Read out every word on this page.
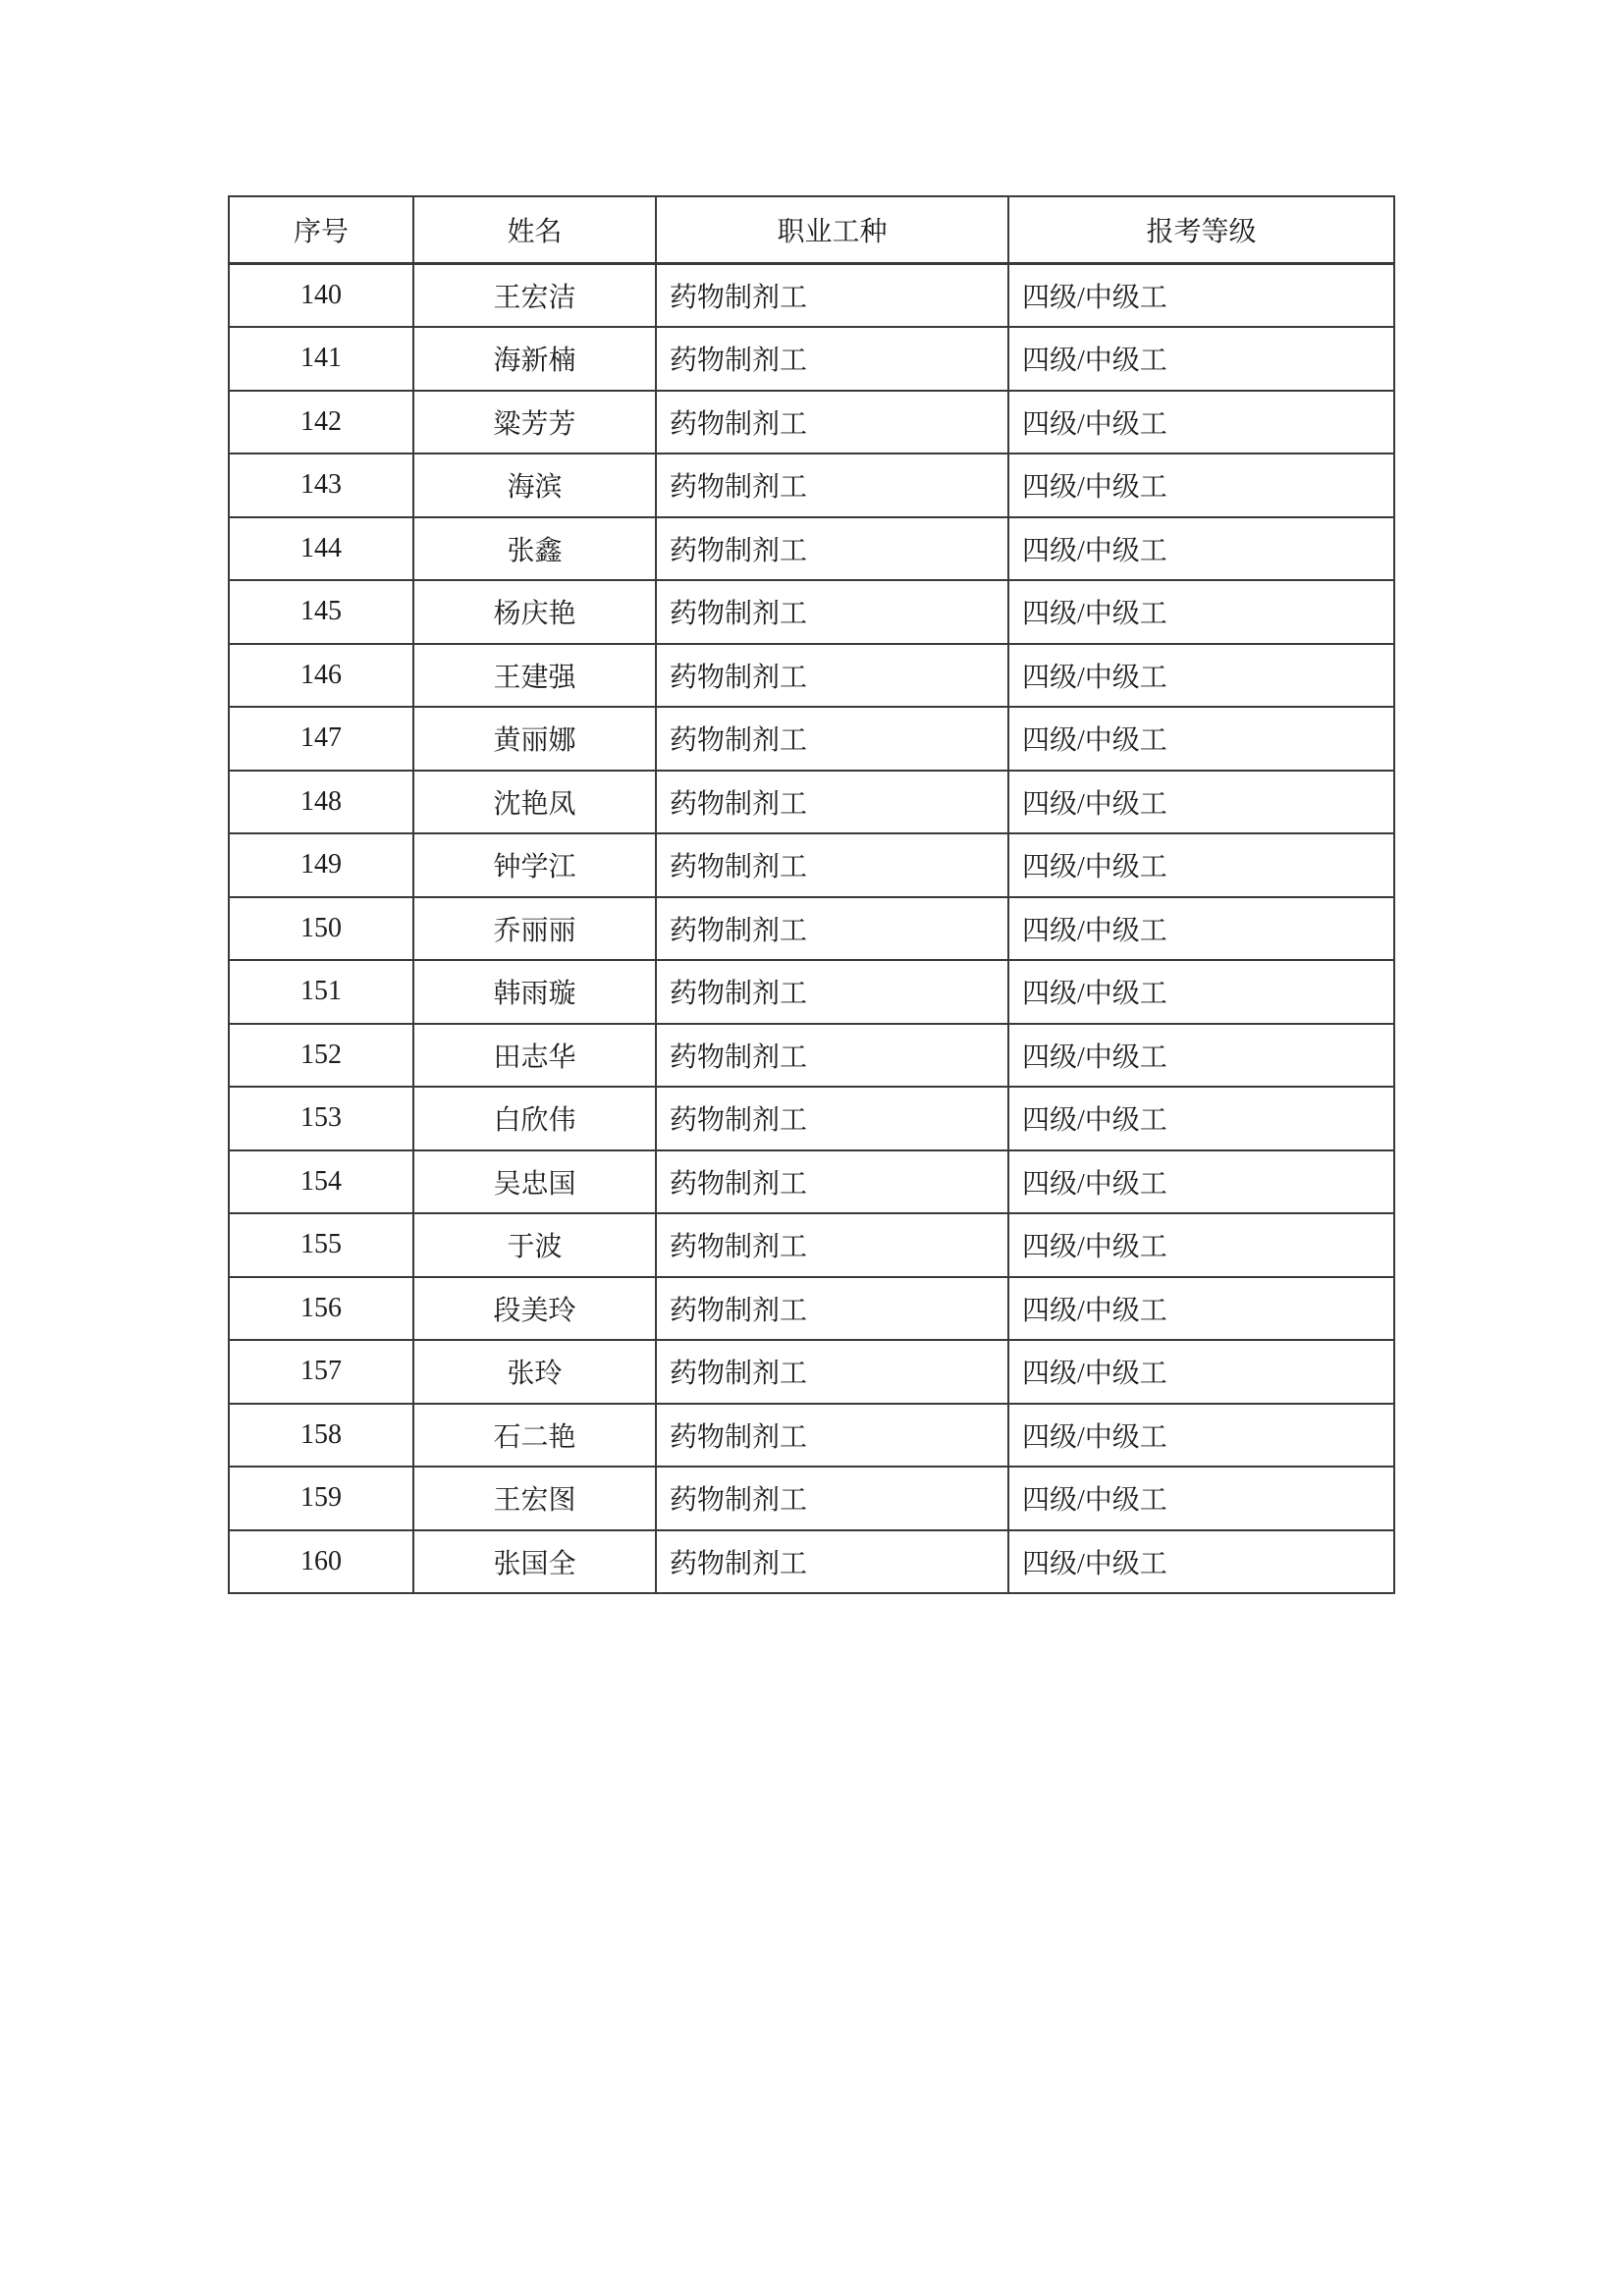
序号	姓名	职业工种	报考等级
140	王宏洁	药物制剂工	四级/中级工
141	海新楠	药物制剂工	四级/中级工
142	粱芳芳	药物制剂工	四级/中级工
143	海滨	药物制剂工	四级/中级工
144	张鑫	药物制剂工	四级/中级工
145	杨庆艳	药物制剂工	四级/中级工
146	王建强	药物制剂工	四级/中级工
147	黄丽娜	药物制剂工	四级/中级工
148	沈艳凤	药物制剂工	四级/中级工
149	钟学江	药物制剂工	四级/中级工
150	乔丽丽	药物制剂工	四级/中级工
151	韩雨璇	药物制剂工	四级/中级工
152	田志华	药物制剂工	四级/中级工
153	白欣伟	药物制剂工	四级/中级工
154	吴忠国	药物制剂工	四级/中级工
155	于波	药物制剂工	四级/中级工
156	段美玲	药物制剂工	四级/中级工
157	张玲	药物制剂工	四级/中级工
158	石二艳	药物制剂工	四级/中级工
159	王宏图	药物制剂工	四级/中级工
160	张国全	药物制剂工	四级/中级工
